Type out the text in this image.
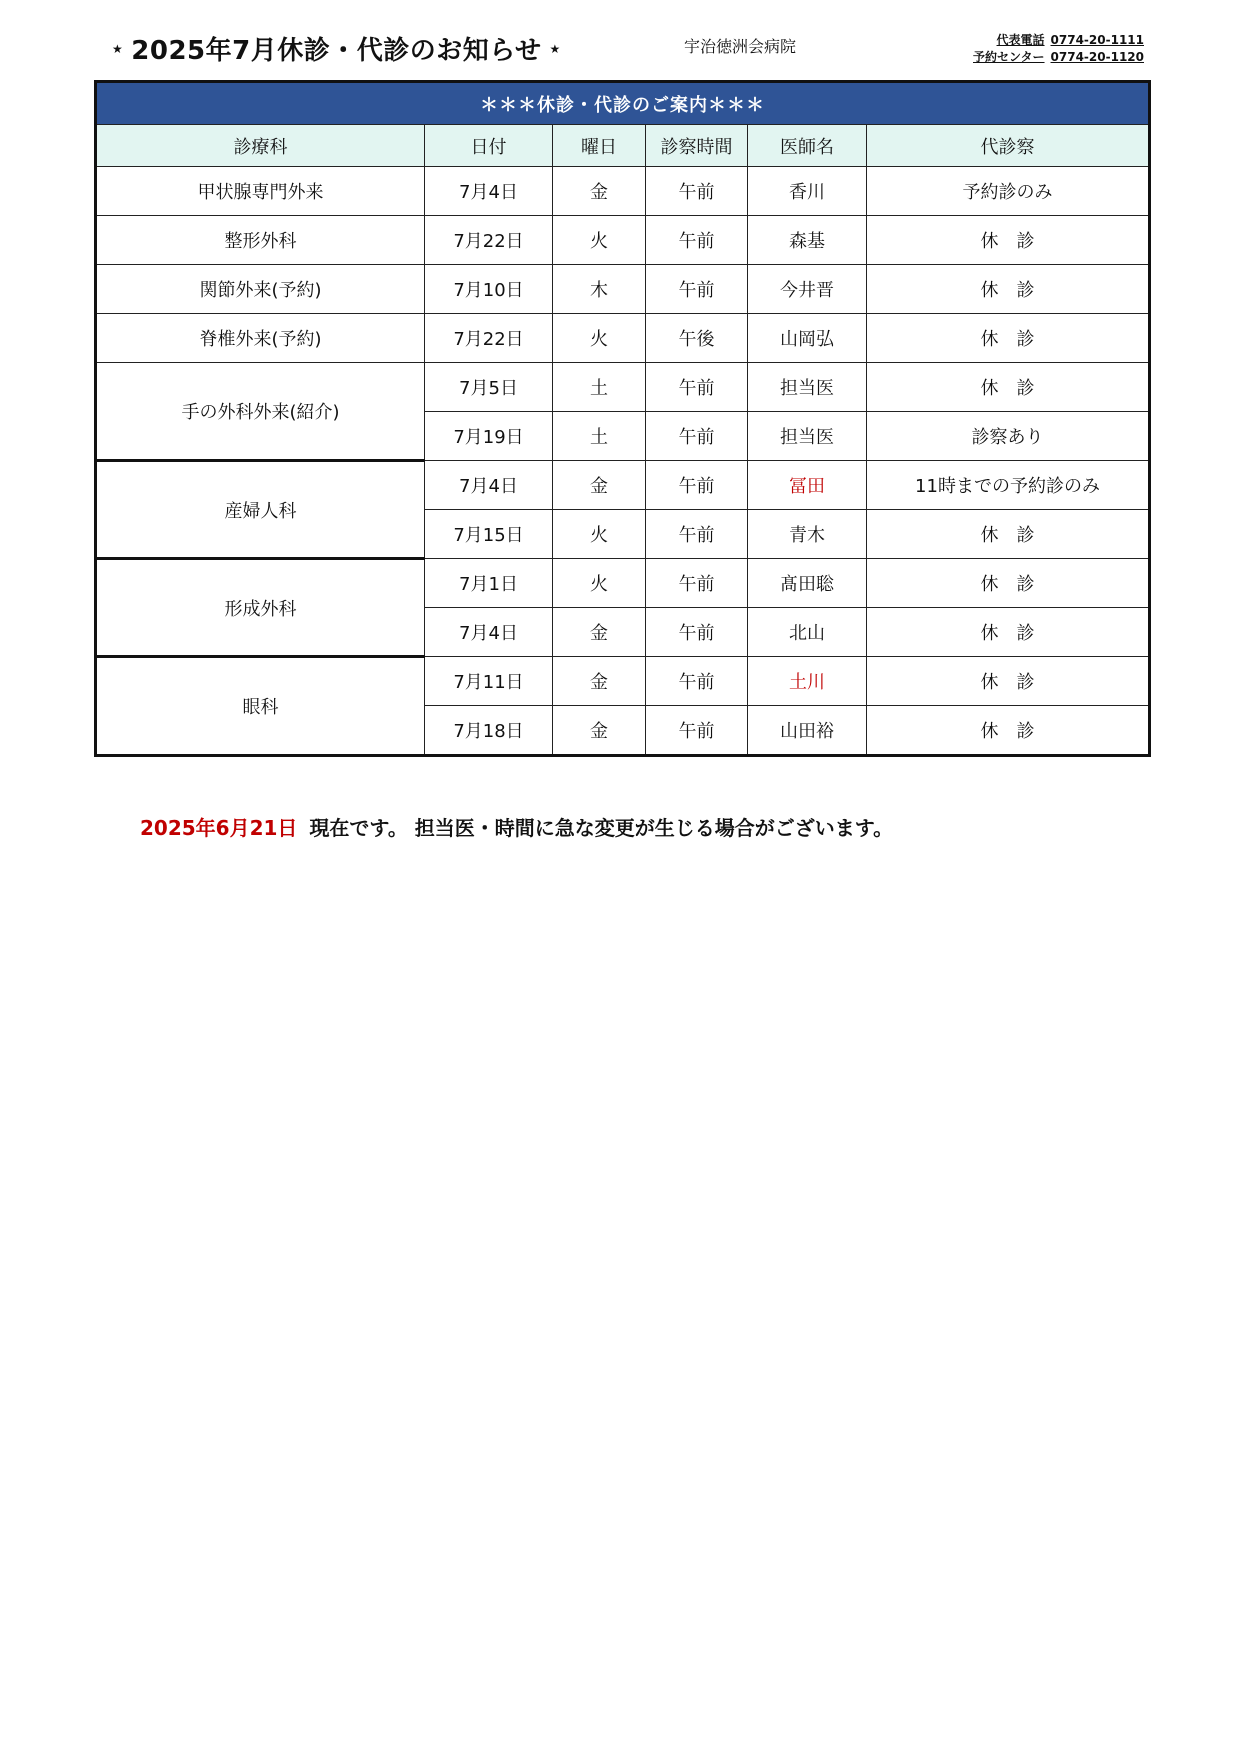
★ 2025年7月休診・代診のお知らせ ★	宇治徳洲会病院	代表電話 0774-20-1111
予約センター 0774-20-1120
＊＊＊休診・代診のご案内＊＊＊					
診療科	日付	曜日	診察時間	医師名	代診察
甲状腺専門外来	7月4日	金	午前	香川	予約診のみ
整形外科	7月22日	火	午前	森基	休　診
関節外来(予約)	7月10日	木	午前	今井晋	休　診
脊椎外来(予約)	7月22日	火	午後	山岡弘	休　診
手の外科外来(紹介)	7月5日	土	午前	担当医	休　診
	7月19日	土	午前	担当医	診察あり
産婦人科	7月4日	金	午前	冨田	11時までの予約診のみ
	7月15日	火	午前	青木	休　診
形成外科	7月1日	火	午前	髙田聡	休　診
	7月4日	金	午前	北山	休　診
眼科	7月11日	金	午前	土川	休　診
	7月18日	金	午前	山田裕	休　診
2025年6月21日 現在です。 担当医・時間に急な変更が生じる場合がございます。
